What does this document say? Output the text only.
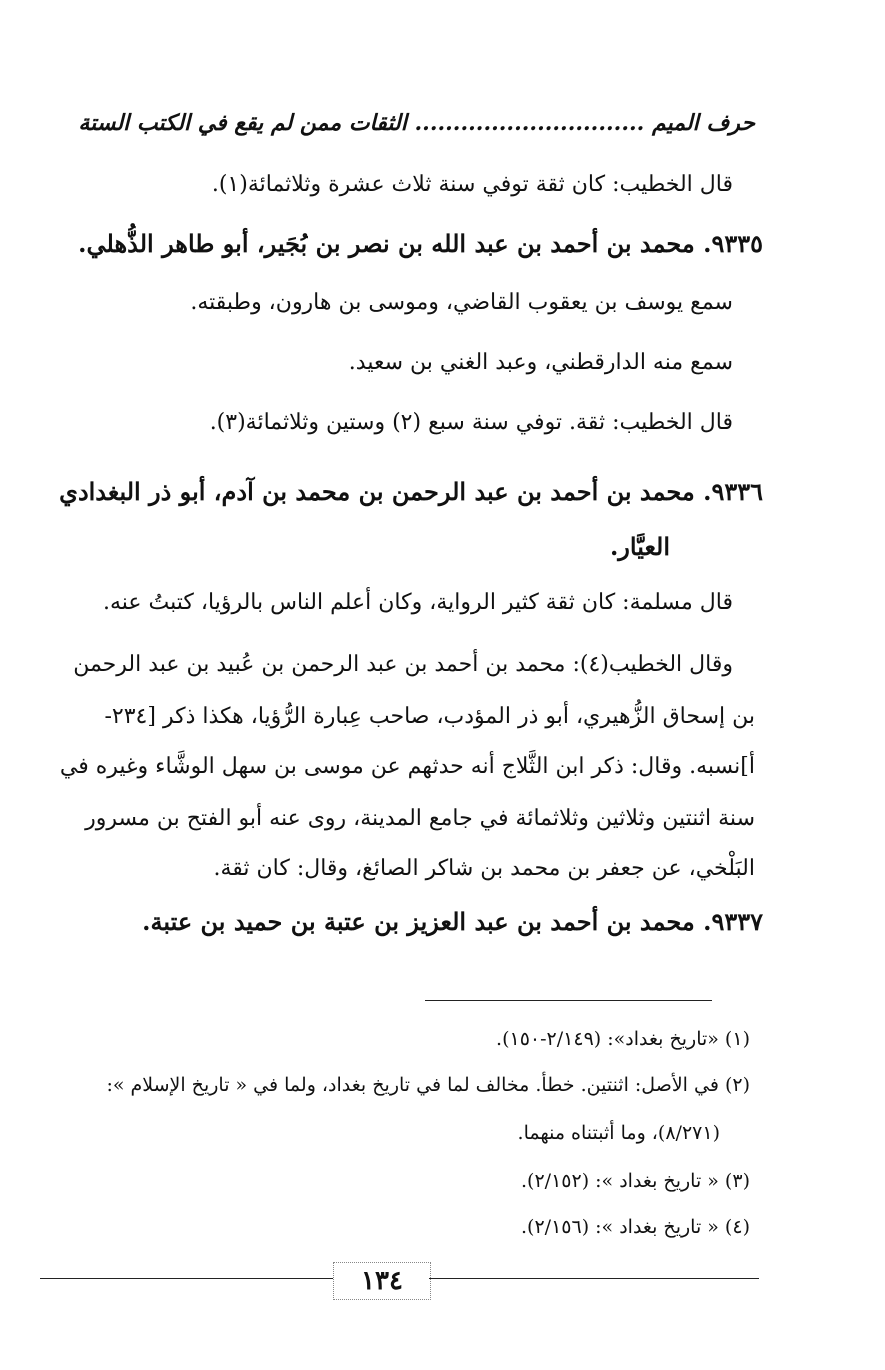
حرف الميم .............................. الثقات ممن لم يقع في الكتب الستة
قال الخطيب: كان ثقة توفي سنة ثلاث عشرة وثلاثمائة(١).
٩٣٣٥. محمد بن أحمد بن عبد الله بن نصر بن بُجَير، أبو طاهر الذُّهلي.
سمع يوسف بن يعقوب القاضي، وموسى بن هارون، وطبقته.
سمع منه الدارقطني، وعبد الغني بن سعيد.
قال الخطيب: ثقة. توفي سنة سبع (٢) وستين وثلاثمائة(٣).
٩٣٣٦. محمد بن أحمد بن عبد الرحمن بن محمد بن آدم، أبو ذر البغدادي
العيَّار.
قال مسلمة: كان ثقة كثير الرواية، وكان أعلم الناس بالرؤيا، كتبتُ عنه.
وقال الخطيب(٤): محمد بن أحمد بن عبد الرحمن بن عُبيد بن عبد الرحمن
بن إسحاق الزُّهيري، أبو ذر المؤدب، صاحب عِبارة الرُّؤيا، هكذا ذكر [٢٣٤-
أ]نسبه. وقال: ذكر ابن الثَّلاج أنه حدثهم عن موسى بن سهل الوشَّاء وغيره في
سنة اثنتين وثلاثين وثلاثمائة في جامع المدينة، روى عنه أبو الفتح بن مسرور
البَلْخي، عن جعفر بن محمد بن شاكر الصائغ، وقال: كان ثقة.
٩٣٣٧. محمد بن أحمد بن عبد العزيز بن عتبة بن حميد بن عتبة.
(١) «تاريخ بغداد»: (٢/١٤٩-١٥٠).
(٢) في الأصل: اثنتين. خطأ. مخالف لما في تاريخ بغداد، ولما في « تاريخ الإسلام »:
(٨/٢٧١)، وما أثبتناه منهما.
(٣) « تاريخ بغداد »: (٢/١٥٢).
(٤) « تاريخ بغداد »: (٢/١٥٦).
١٣٤
